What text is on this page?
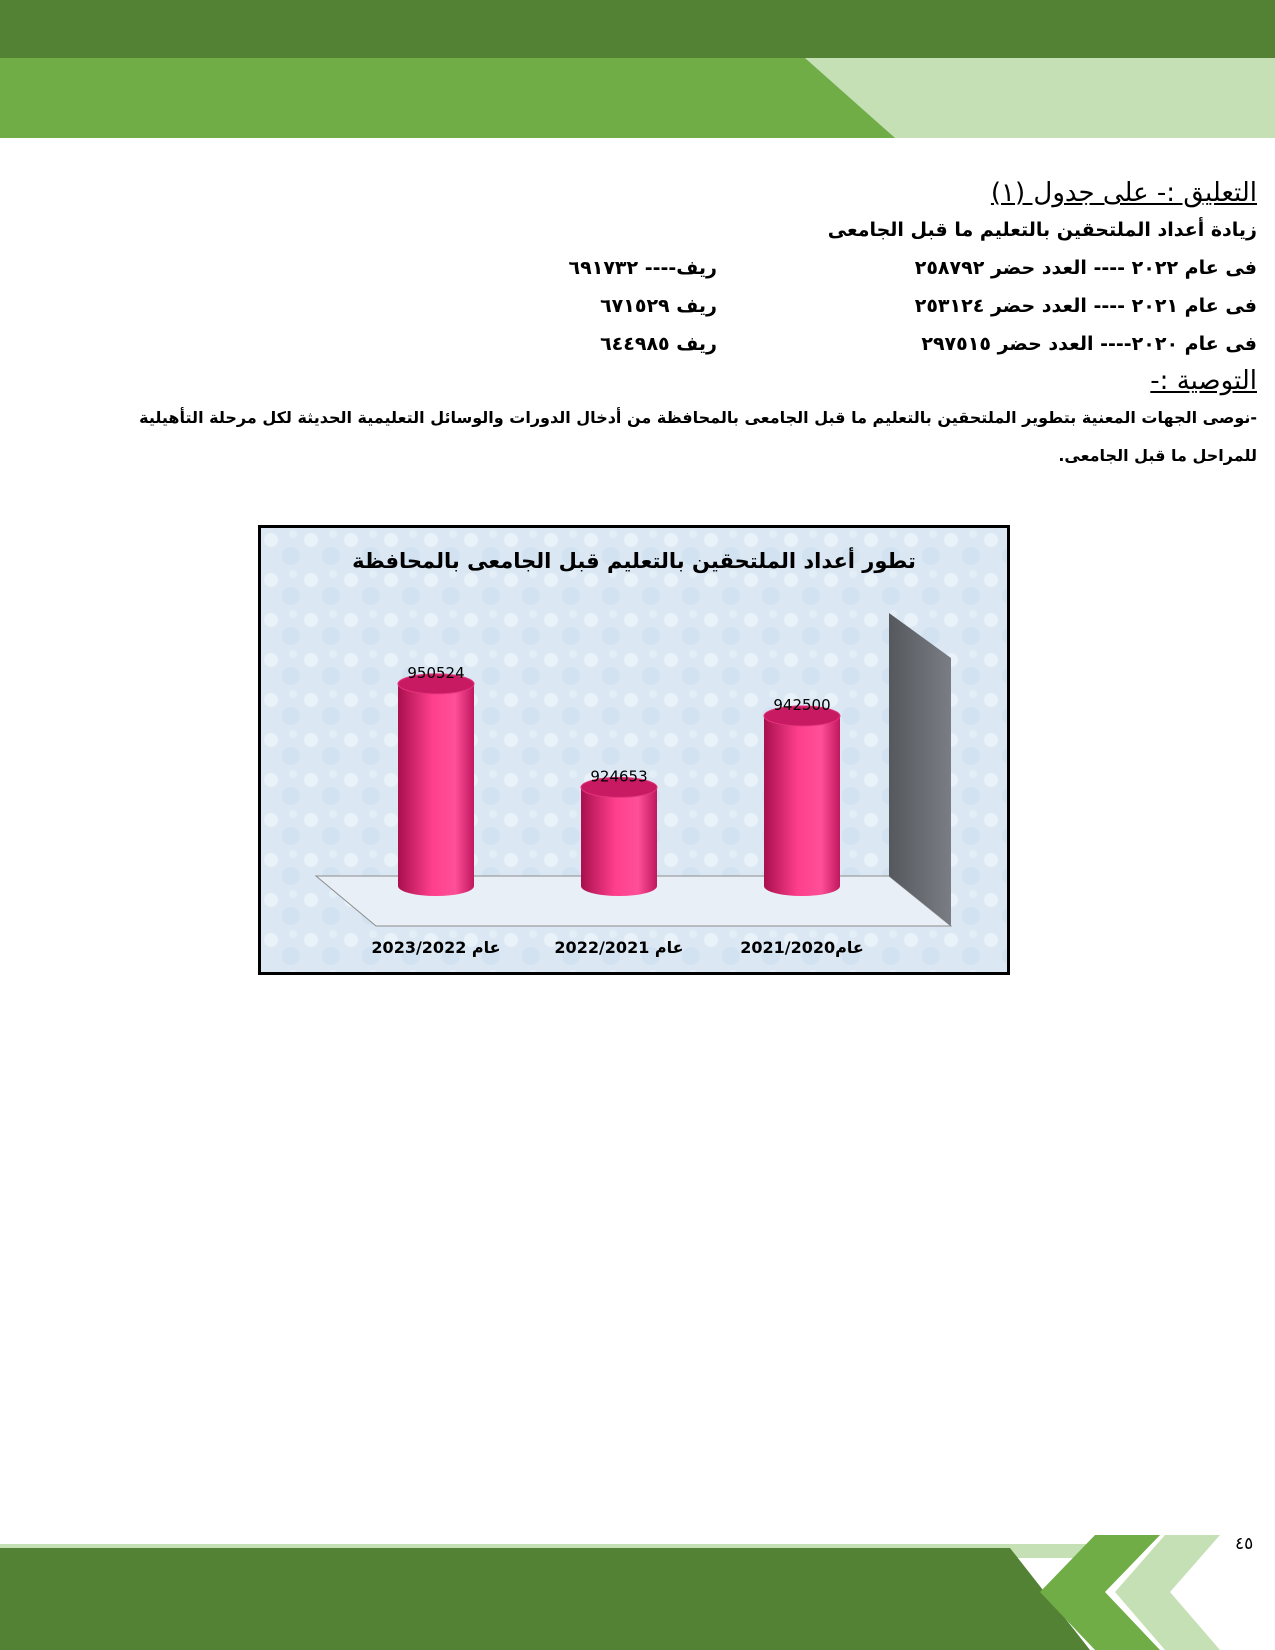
التعليق :- على جدول (١)

زيادة أعداد الملتحقين بالتعليم ما قبل الجامعى

فى عام ٢٠٢٢ ---- العدد حضر ٢٥٨٧٩٢
ريف---- ٦٩١٧٣٢
فى عام ٢٠٢١ ---- العدد حضر ٢٥٣١٢٤
ريف ٦٧١٥٢٩
فى عام ٢٠٢٠---- العدد حضر ٢٩٧٥١٥
ريف ٦٤٤٩٨٥

التوصية :-

-نوصى الجهات المعنية بتطوير الملتحقين بالتعليم ما قبل الجامعى بالمحافظة من أدخال الدورات والوسائل التعليمية الحديثة لكل مرحلة التأهيلية للمراحل ما قبل الجامعى.

تطور أعداد الملتحقين بالتعليم قبل الجامعى بالمحافظة
950524
عام 2023/2022
924653
عام 2022/2021
942500
عام2021/2020
٤٥
